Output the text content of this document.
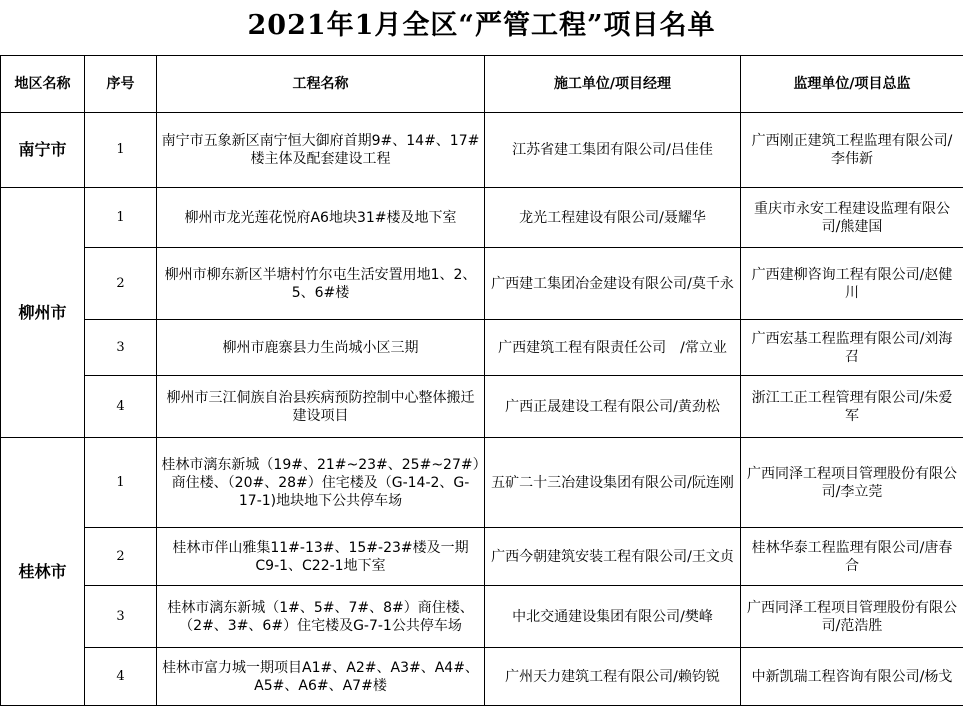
2021年1月全区“严管工程”项目名单
地区名称	序号	工程名称	施工单位/项目经理	监理单位/项目总监
南宁市	1	南宁市五象新区南宁恒大御府首期9#、14#、17#楼主体及配套建设工程	江苏省建工集团有限公司/吕佳佳	广西刚正建筑工程监理有限公司/李伟新
柳州市	1	柳州市龙光莲花悦府A6地块31#楼及地下室	龙光工程建设有限公司/聂耀华	重庆市永安工程建设监理有限公司/熊建国
	2	柳州市柳东新区半塘村竹尔屯生活安置用地1、2、5、6#楼	广西建工集团冶金建设有限公司/莫千永	广西建柳咨询工程有限公司/赵健川
	3	柳州市鹿寨县力生尚城小区三期	广西建筑工程有限责任公司　/常立业	广西宏基工程监理有限公司/刘海召
	4	柳州市三江侗族自治县疾病预防控制中心整体搬迁建设项目	广西正晟建设工程有限公司/黄劲松	浙江工正工程管理有限公司/朱爱军
桂林市	1	桂林市漓东新城（19#、21#~23#、25#~27#）商住楼、（20#、28#）住宅楼及（G-14-2、G-17-1)地块地下公共停车场	五矿二十三冶建设集团有限公司/阮连刚	广西同泽工程项目管理股份有限公司/李立莞
	2	桂林市伴山雅集11#-13#、15#-23#楼及一期C9-1、C22-1地下室	广西今朝建筑安装工程有限公司/王文贞	桂林华泰工程监理有限公司/唐春合
	3	桂林市漓东新城（1#、5#、7#、8#）商住楼、（2#、3#、6#）住宅楼及G-7-1公共停车场	中北交通建设集团有限公司/樊峰	广西同泽工程项目管理股份有限公司/范浩胜
	4	桂林市富力城一期项目A1#、A2#、A3#、A4#、A5#、A6#、A7#楼	广州天力建筑工程有限公司/赖钧锐	中新凯瑞工程咨询有限公司/杨戈
